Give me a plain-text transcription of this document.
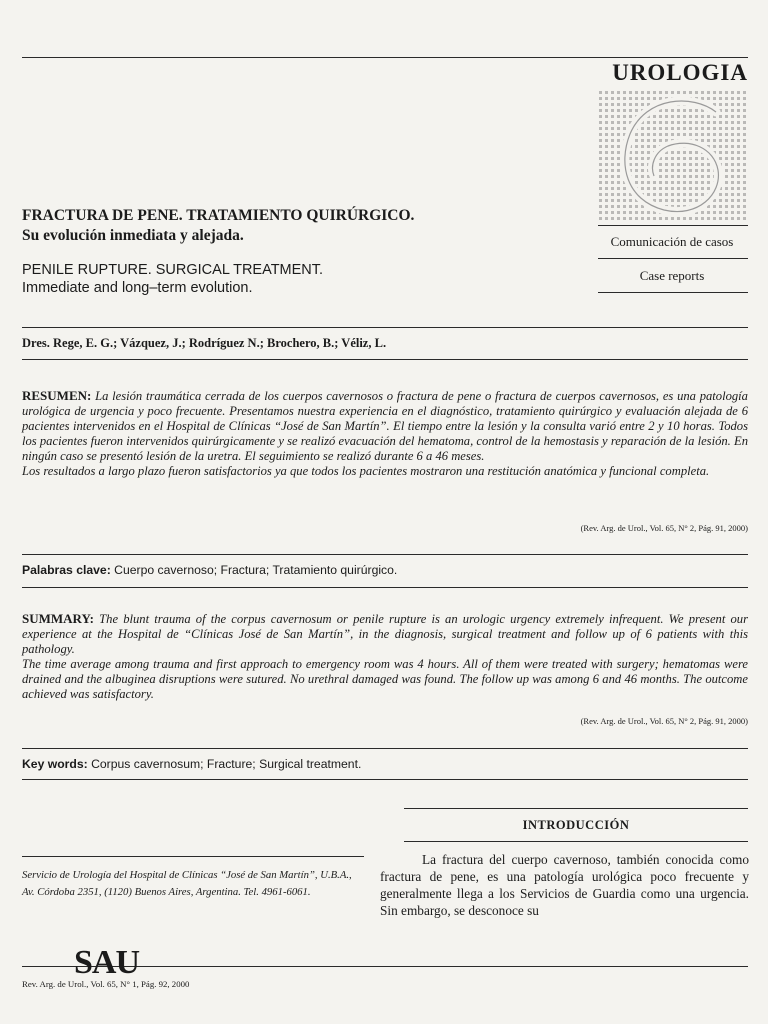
UROLOGIA
Comunicación de casos
Case reports
FRACTURA DE PENE. TRATAMIENTO QUIRÚRGICO.
Su evolución inmediata y alejada.
PENILE RUPTURE. SURGICAL TREATMENT.
Immediate and long–term evolution.
Dres. Rege, E. G.; Vázquez, J.; Rodríguez N.; Brochero, B.; Véliz, L.
RESUMEN: La lesión traumática cerrada de los cuerpos cavernosos o fractura de pene o fractura de cuerpos cavernosos, es una patología urológica de urgencia y poco frecuente. Presentamos nuestra experiencia en el diagnóstico, tratamiento quirúrgico y evaluación alejada de 6 pacientes intervenidos en el Hospital de Clínicas “José de San Martín”. El tiempo entre la lesión y la consulta varió entre 2 y 10 horas. Todos los pacientes fueron intervenidos quirúrgicamente y se realizó evacuación del hematoma, control de la hemostasis y reparación de la lesión. En ningún caso se presentó lesión de la uretra. El seguimiento se realizó durante 6 a 46 meses.
Los resultados a largo plazo fueron satisfactorios ya que todos los pacientes mostraron una restitución anatómica y funcional completa.
(Rev. Arg. de Urol., Vol. 65, N° 2, Pág. 91, 2000)
Palabras clave: Cuerpo cavernoso; Fractura; Tratamiento quirúrgico.
SUMMARY: The blunt trauma of the corpus cavernosum or penile rupture is an urologic urgency extremely infrequent. We present our experience at the Hospital de “Clínicas José de San Martín”, in the diagnosis, surgical treatment and follow up of 6 patients with this pathology.
The time average among trauma and first approach to emergency room was 4 hours. All of them were treated with surgery; hematomas were drained and the albuginea disruptions were sutured. No urethral damaged was found. The follow up was among 6 and 46 months. The outcome achieved was satisfactory.
(Rev. Arg. de Urol., Vol. 65, N° 2, Pág. 91, 2000)
Key words: Corpus cavernosum; Fracture; Surgical treatment.
INTRODUCCIÓN
La fractura del cuerpo cavernoso, también conocida como fractura de pene, es una patología urológica poco frecuente y generalmente llega a los Servicios de Guardia como una urgencia. Sin embargo, se desconoce su
Servicio de Urología del Hospital de Clínicas “José de San Martín”, U.B.A., Av. Córdoba 2351, (1120) Buenos Aires, Argentina. Tel. 4961-6061.
SAU
Rev. Arg. de Urol., Vol. 65, N° 1, Pág. 92, 2000
